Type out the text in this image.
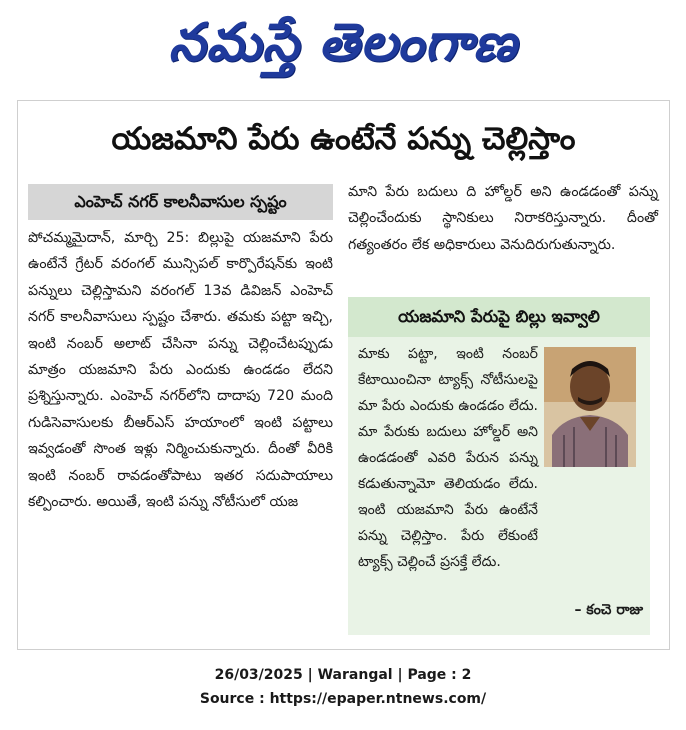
నమస్తే తెలంగాణ
యజమాని పేరు ఉంటేనే పన్ను చెల్లిస్తాం
ఎంహెచ్ నగర్ కాలనీవాసుల స్పష్టం

పోచమ్మమైదాన్, మార్చి 25: బిల్లుపై యజమాని పేరు ఉంటేనే గ్రేటర్ వరంగల్ మున్సిపల్ కార్పొరేషన్‌కు ఇంటి పన్నులు చెల్లిస్తామని వరంగల్ 13వ డివిజన్ ఎంహెచ్ నగర్ కాలనీవాసులు స్పష్టం చేశారు. తమకు పట్టా ఇచ్చి, ఇంటి నంబర్ అలాట్ చేసినా పన్ను చెల్లించేటప్పుడు మాత్రం యజమాని పేరు ఎందుకు ఉండడం లేదని ప్రశ్నిస్తున్నారు. ఎంహెచ్ నగర్‌లోని దాదాపు 720 మంది గుడిసెవాసులకు బీఆర్‌ఎస్ హయాంలో ఇంటి పట్టాలు ఇవ్వడంతో సొంత ఇళ్లు నిర్మించుకున్నారు. దీంతో వీరికి ఇంటి నంబర్ రావడంతోపాటు ఇతర సదుపాయాలు కల్పించారు. అయితే, ఇంటి పన్ను నోటీసులో యజ

మాని పేరు బదులు ది హోల్డర్ అని ఉండడంతో పన్ను చెల్లించేందుకు స్థానికులు నిరాకరిస్తున్నారు. దీంతో గత్యంతరం లేక అధికారులు వెనుదిరుగుతున్నారు.

యజమాని పేరుపై బిల్లు ఇవ్వాలి

మాకు పట్టా, ఇంటి నంబర్ కేటాయించినా ట్యాక్స్ నోటీసులపై మా పేరు ఎందుకు ఉండడం లేదు. మా పేరుకు బదులు హోల్డర్ అని ఉండడంతో ఎవరి పేరున పన్ను కడుతున్నామో తెలియడం లేదు. ఇంటి యజమాని పేరు ఉంటేనే పన్ను చెల్లిస్తాం. పేరు లేకుంటే ట్యాక్స్ చెల్లించే ప్రసక్తే లేదు.

– కంచె రాజు
26/03/2025 | Warangal | Page : 2
Source : https://epaper.ntnews.com/
